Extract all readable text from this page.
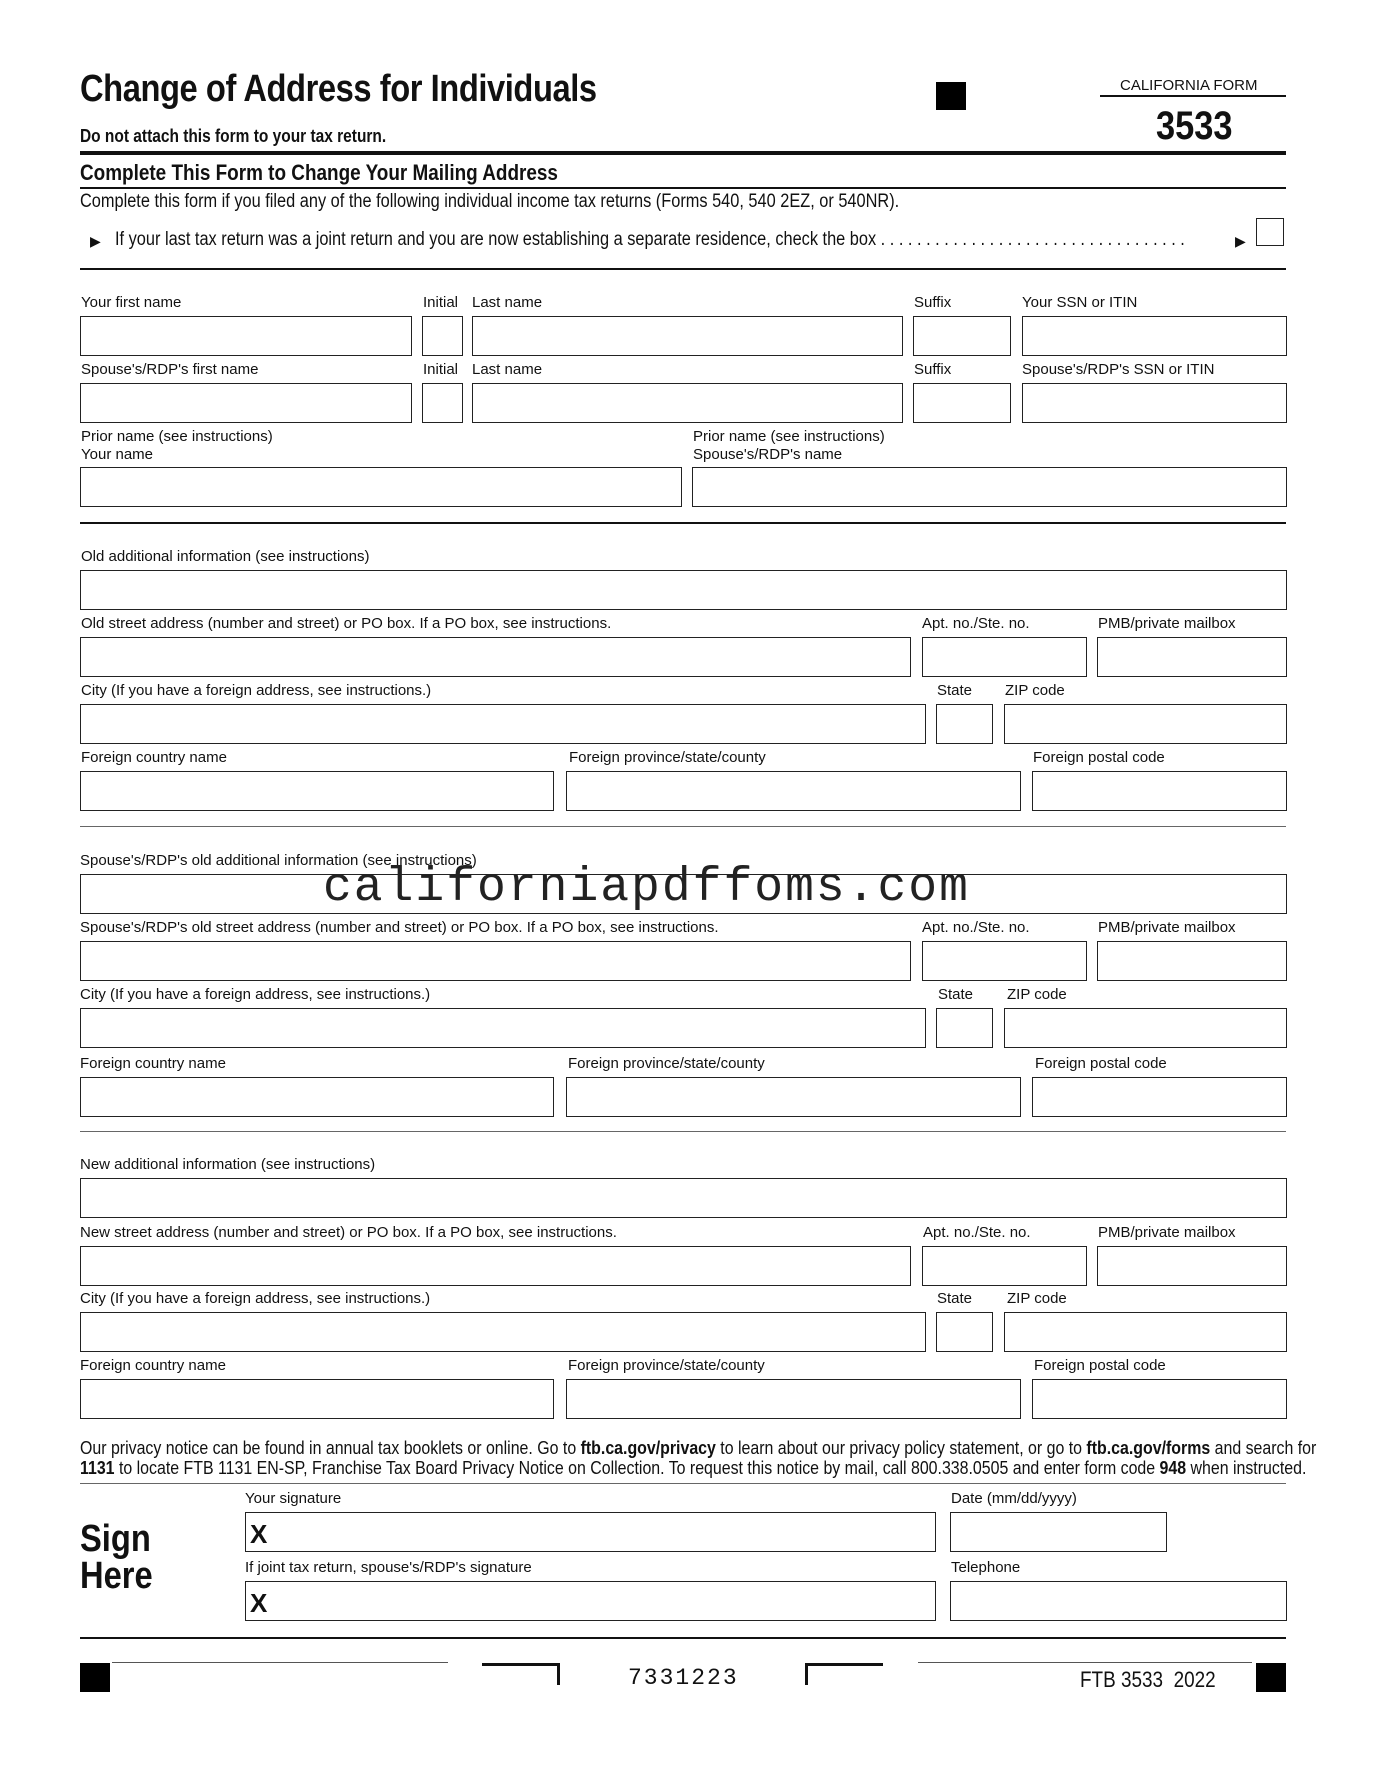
Change of Address for Individuals
Do not attach this form to your tax return.
CALIFORNIA FORM
3533
Complete This Form to Change Your Mailing Address
Complete this form if you filed any of the following individual income tax returns (Forms 540, 540 2EZ, or 540NR).
▶ If your last tax return was a joint return and you are now establishing a separate residence, check the box . . . . . . . . . . . . . . . . . . . . . . . . . . . . . . . . . .	▶
Your first name	Initial Last name	Suffix	Your SSN or ITIN
Spouse's/RDP's first name	Initial Last name	Suffix	Spouse's/RDP's SSN or ITIN
Prior name (see instructions)
Your name
Prior name (see instructions)
Spouse's/RDP's name
Old additional information (see instructions)
Old street address (number and street) or PO box. If a PO box, see instructions.	Apt. no./Ste. no.	PMB/private mailbox
City (If you have a foreign address, see instructions.)	State ZIP code
Foreign country name	Foreign province/state/county	Foreign postal code
Spouse's/RDP's old additional information (see instructions)
californiapdffoms.com
Spouse's/RDP's old street address (number and street) or PO box. If a PO box, see instructions.	Apt. no./Ste. no.	PMB/private mailbox
City (If you have a foreign address, see instructions.)	State ZIP code
Foreign country name	Foreign province/state/county	Foreign postal code
New additional information (see instructions)
New street address (number and street) or PO box. If a PO box, see instructions.	Apt. no./Ste. no.	PMB/private mailbox
City (If you have a foreign address, see instructions.)	State ZIP code
Foreign country name	Foreign province/state/county	Foreign postal code
Our privacy notice can be found in annual tax booklets or online. Go to ftb.ca.gov/privacy to learn about our privacy policy statement, or go to ftb.ca.gov/forms and search for
1131 to locate FTB 1131 EN-SP, Franchise Tax Board Privacy Notice on Collection. To request this notice by mail, call 800.338.0505 and enter form code 948 when instructed.
Sign
Here
Your signature	Date (mm/dd/yyyy)
X
If joint tax return, spouse's/RDP's signature	Telephone
X
7331223	FTB 3533  2022
